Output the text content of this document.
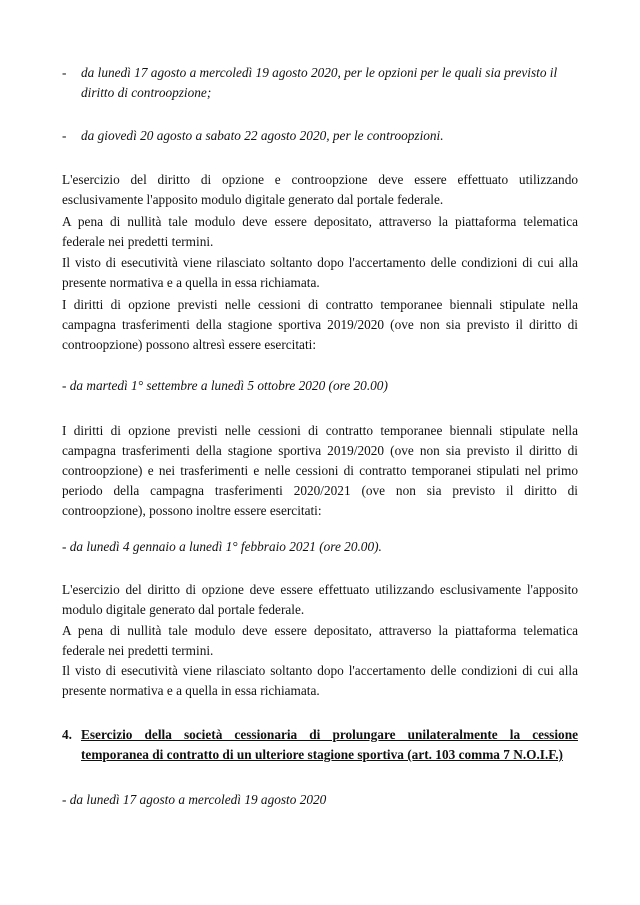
- da lunedì 17 agosto a mercoledì 19 agosto 2020, per le opzioni per le quali sia previsto il diritto di controopzione;
- da giovedì 20 agosto a sabato 22 agosto 2020, per le controopzioni.
L'esercizio del diritto di opzione e controopzione deve essere effettuato utilizzando esclusivamente l'apposito modulo digitale generato dal portale federale.
A pena di nullità tale modulo deve essere depositato, attraverso la piattaforma telematica federale nei predetti termini.
Il visto di esecutività viene rilasciato soltanto dopo l'accertamento delle condizioni di cui alla presente normativa e a quella in essa richiamata.
I diritti di opzione previsti nelle cessioni di contratto temporanee biennali stipulate nella campagna trasferimenti della stagione sportiva 2019/2020 (ove non sia previsto il diritto di controopzione) possono altresì essere esercitati:
- da martedì 1° settembre a lunedì 5 ottobre 2020 (ore 20.00)
I diritti di opzione previsti nelle cessioni di contratto temporanee biennali stipulate nella campagna trasferimenti della stagione sportiva 2019/2020 (ove non sia previsto il diritto di controopzione) e nei trasferimenti e nelle cessioni di contratto temporanei stipulati nel primo periodo della campagna trasferimenti 2020/2021 (ove non sia previsto il diritto di controopzione), possono inoltre essere esercitati:
- da lunedì 4 gennaio a lunedì 1° febbraio 2021 (ore 20.00).
L'esercizio del diritto di opzione deve essere effettuato utilizzando esclusivamente l'apposito modulo digitale generato dal portale federale.
A pena di nullità tale modulo deve essere depositato, attraverso la piattaforma telematica federale nei predetti termini.
Il visto di esecutività viene rilasciato soltanto dopo l'accertamento delle condizioni di cui alla presente normativa e a quella in essa richiamata.
4. Esercizio della società cessionaria di prolungare unilateralmente la cessione temporanea di contratto di un ulteriore stagione sportiva (art. 103 comma 7 N.O.I.F.)
- da lunedì 17 agosto a mercoledì 19 agosto 2020
